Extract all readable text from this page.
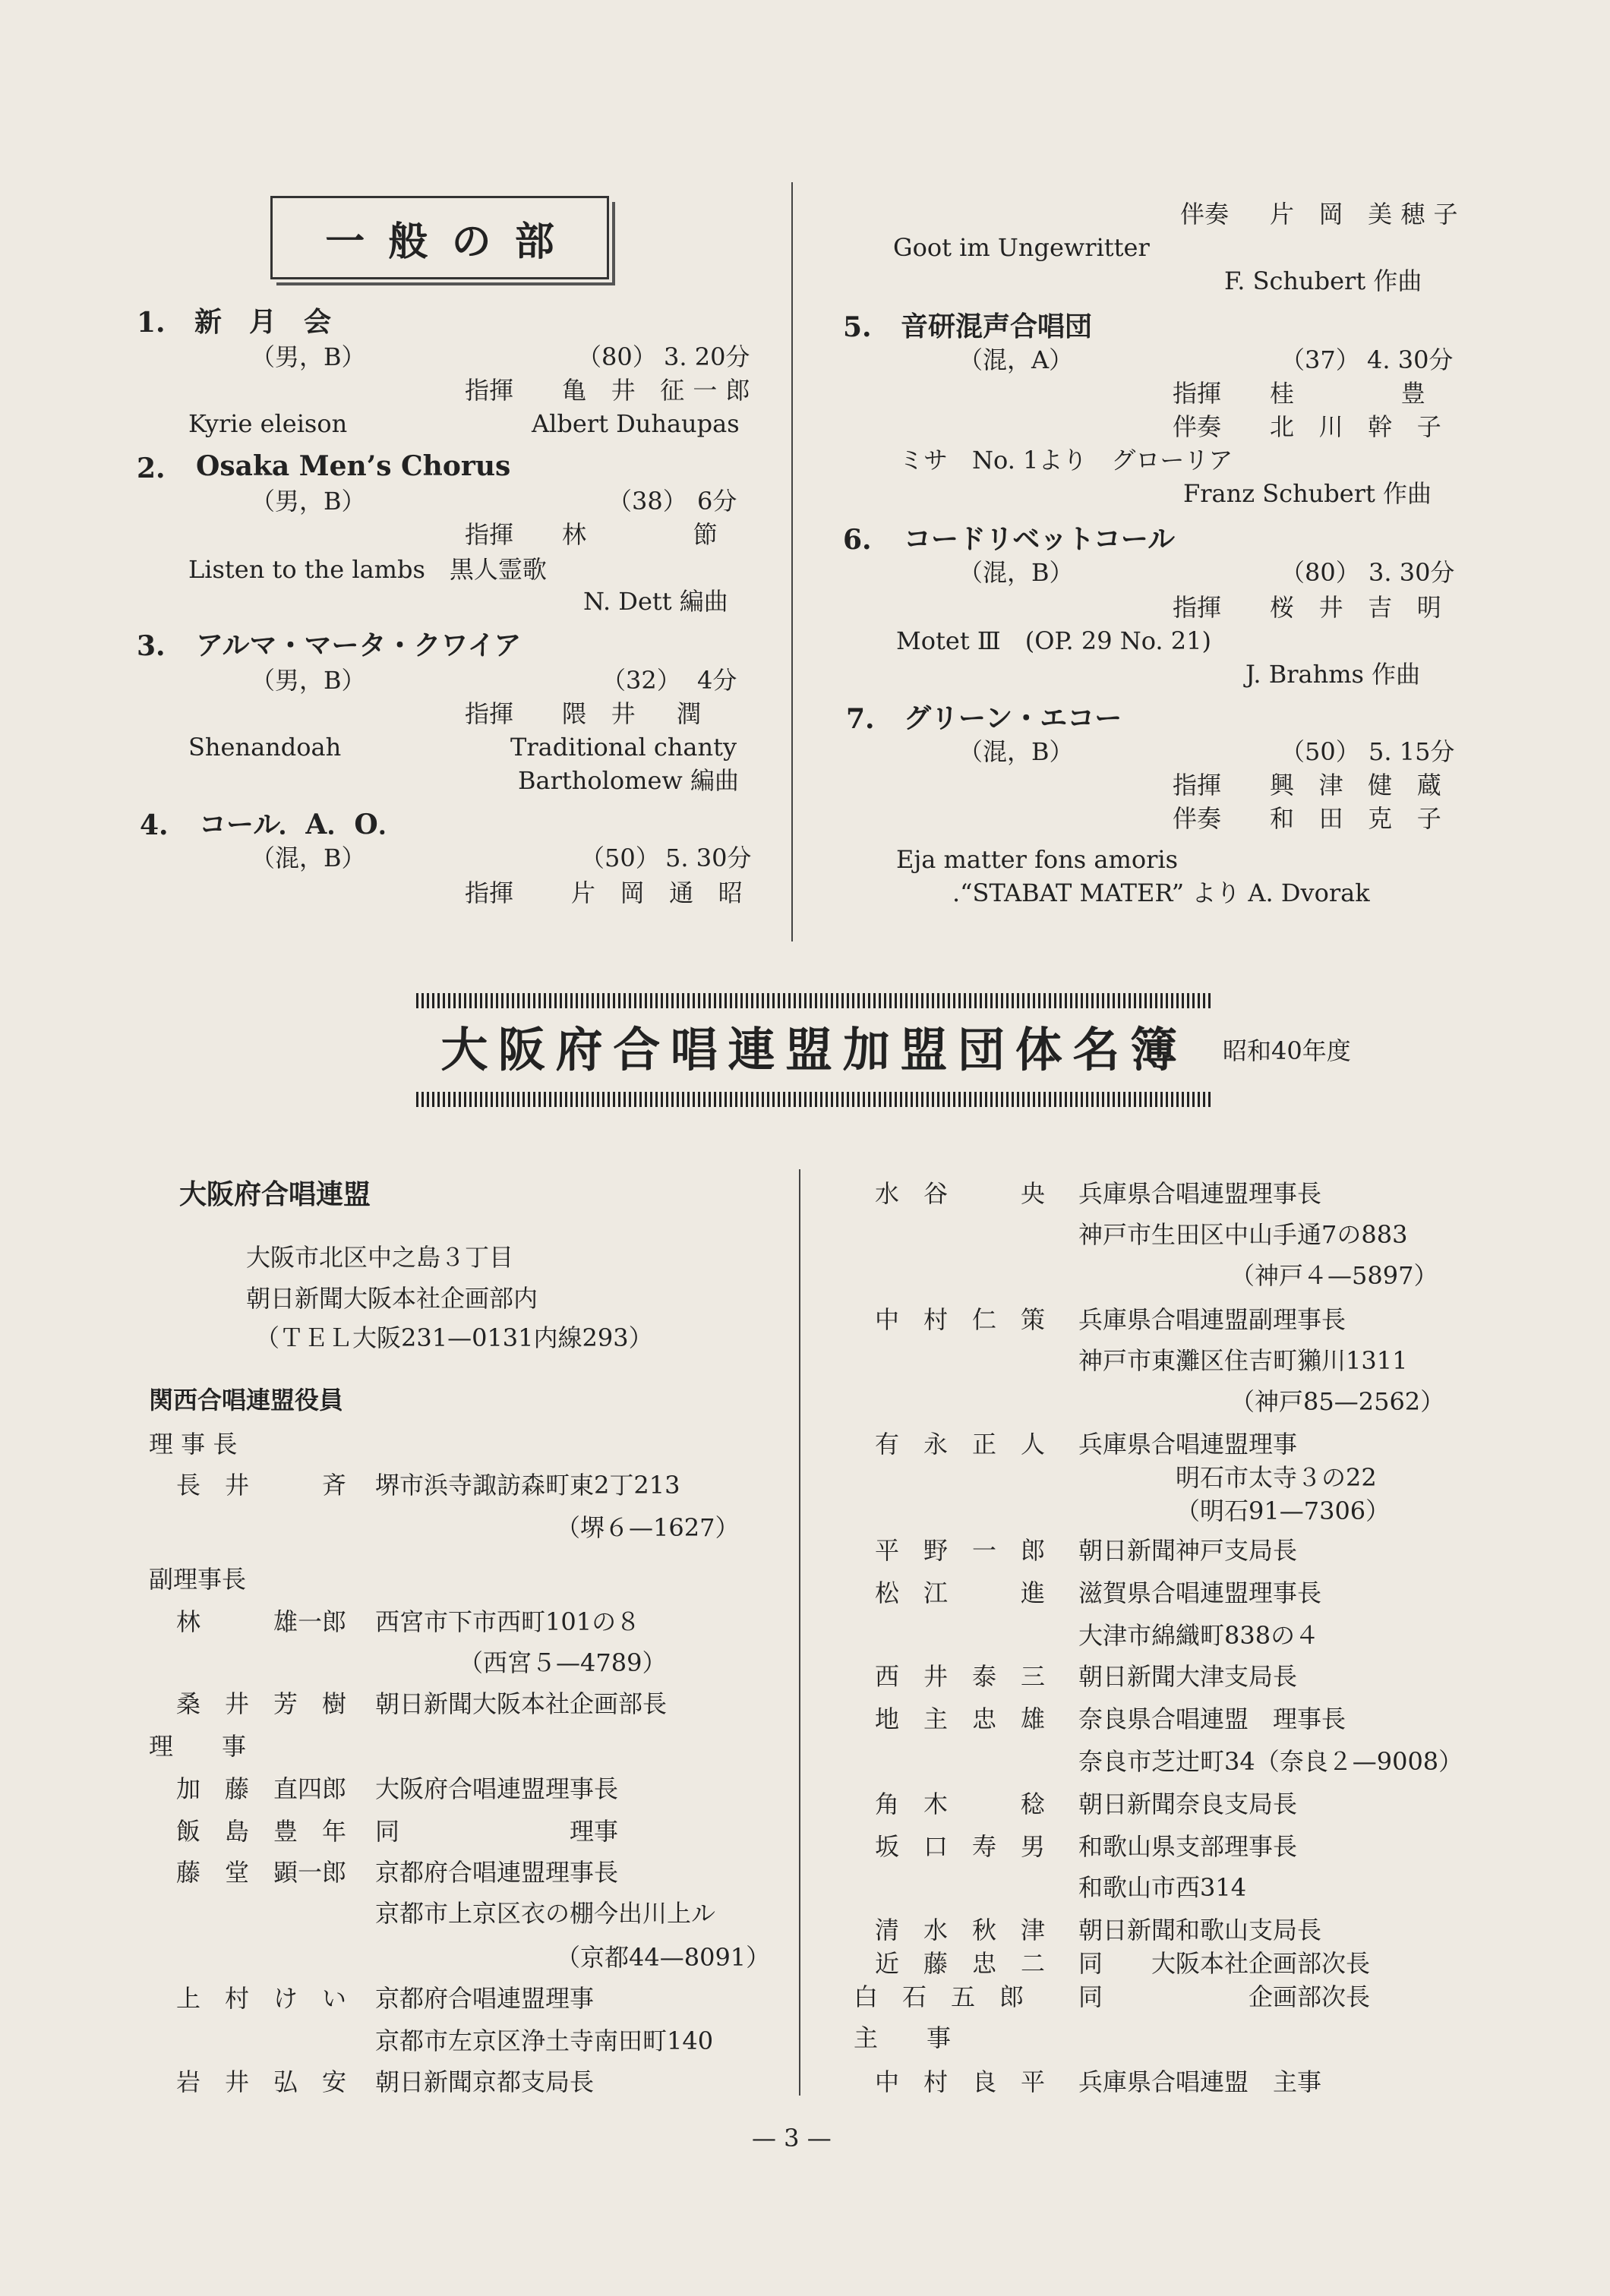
一般の部
1. 新　月　会
（男，B）	（80） 3. 20分
指揮 亀 井 征一郎
Kyrie eleison	Albert Duhaupas
2. Osaka Men’s Chorus
（男，B）	（38） 6分
指揮 林　　　節
Listen to the lambs　黒人霊歌
N. Dett 編曲
3. アルマ・マータ・クワイア
（男，B）	（32） 4分
指揮 隈 井　潤
Shenandoah	Traditional chanty
Bartholomew 編曲
4. コール．A．O．
（混，B）	（50） 5. 30分
指揮 片 岡 通 昭
伴奏 片 岡 美穂子
Goot im Ungewritter
F. Schubert 作曲
5. 音研混声合唱団
（混，A）	（37） 4. 30分
指揮 桂　　　豊
伴奏 北 川 幹 子
ミサ　No. 1より　グローリア
Franz Schubert 作曲
6. コードリベットコール
（混，B）	（80） 3. 30分
指揮 桜 井 吉 明
Motet Ⅲ　(OP. 29 No. 21)
J. Brahms 作曲
7. グリーン・エコー
（混，B）	（50） 5. 15分
指揮 興 津 健 蔵
伴奏 和 田 克 子
Eja matter fons amoris
.“STABAT MATER” より A. Dvorak
大阪府合唱連盟加盟団体名簿	昭和40年度
大阪府合唱連盟
大阪市北区中之島３丁目
朝日新聞大阪本社企画部内
（ＴＥＬ大阪231—0131内線293）
関西合唱連盟役員
理 事 長
長　井　　　斉 堺市浜寺諏訪森町東2丁213
（堺６—1627）
副理事長
林　　　雄一郎 西宮市下市西町101の８
（西宮５—4789）
桑　井　芳　樹 朝日新聞大阪本社企画部長
理　　事
加　藤　直四郎 大阪府合唱連盟理事長
飯　島　豊　年 同　　　　　　　理事
藤　堂　顕一郎 京都府合唱連盟理事長
京都市上京区衣の棚今出川上ル
（京都44—8091）
上　村　け　い 京都府合唱連盟理事
京都市左京区浄土寺南田町140
岩　井　弘　安 朝日新聞京都支局長
水　谷　　　央 兵庫県合唱連盟理事長
神戸市生田区中山手通7の883
（神戸４—5897）
中　村　仁　策 兵庫県合唱連盟副理事長
神戸市東灘区住吉町獺川1311
（神戸85—2562）
有　永　正　人 兵庫県合唱連盟理事
明石市太寺３の22
（明石91—7306）
平　野　一　郎 朝日新聞神戸支局長
松　江　　　進 滋賀県合唱連盟理事長
大津市綿織町838の４
西　井　泰　三 朝日新聞大津支局長
地　主　忠　雄 奈良県合唱連盟　理事長
奈良市芝辻町34（奈良２—9008）
角　木　　　稔 朝日新聞奈良支局長
坂　口　寿　男 和歌山県支部理事長
和歌山市西314
清　水　秋　津 朝日新聞和歌山支局長
近　藤　忠　二 同　　大阪本社企画部次長
白　石　五　郎 同　　　　　　企画部次長
主　　事
中　村　良　平 兵庫県合唱連盟　主事
— 3 —
